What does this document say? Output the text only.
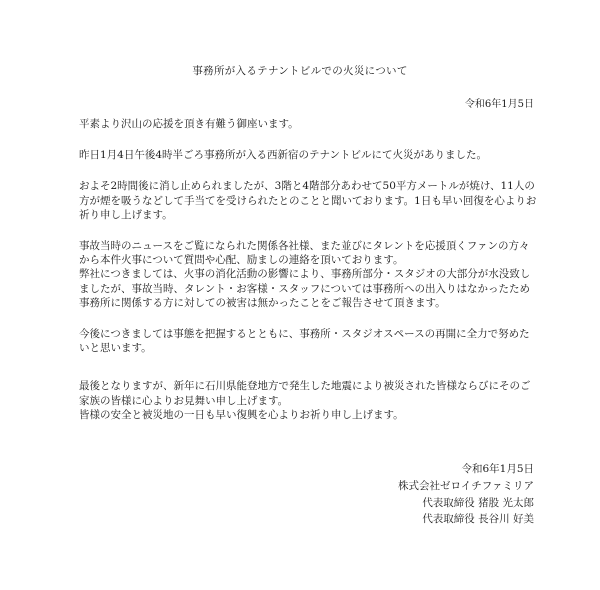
事務所が入るテナントビルでの火災について
令和6年1月5日

平素より沢山の応援を頂き有難う御座います。

昨日1月4日午後4時半ごろ事務所が入る西新宿のテナントビルにて火災がありました。

およそ2時間後に消し止められましたが、3階と4階部分あわせて50平方メートルが焼け、11人の方が煙を吸うなどして手当てを受けられたとのことと聞いております。1日も早い回復を心よりお祈り申し上げます。

事故当時のニュースをご覧になられた関係各社様、また並びにタレントを応援頂くファンの方々から本件火事について質問や心配、励ましの連絡を頂いております。

弊社につきましては、火事の消化活動の影響により、事務所部分・スタジオの大部分が水没致しましたが、事故当時、タレント・お客様・スタッフについては事務所への出入りはなかったため事務所に関係する方に対しての被害は無かったことをご報告させて頂きます。

今後につきましては事態を把握するとともに、事務所・スタジオスペースの再開に全力で努めたいと思います。

最後となりますが、新年に石川県能登地方で発生した地震により被災された皆様ならびにそのご家族の皆様に心よりお見舞い申し上げます。

皆様の安全と被災地の一日も早い復興を心よりお祈り申し上げます。

令和6年1月5日
株式会社ゼロイチファミリア
代表取締役 猪股 光太郎
代表取締役 長谷川 好美
